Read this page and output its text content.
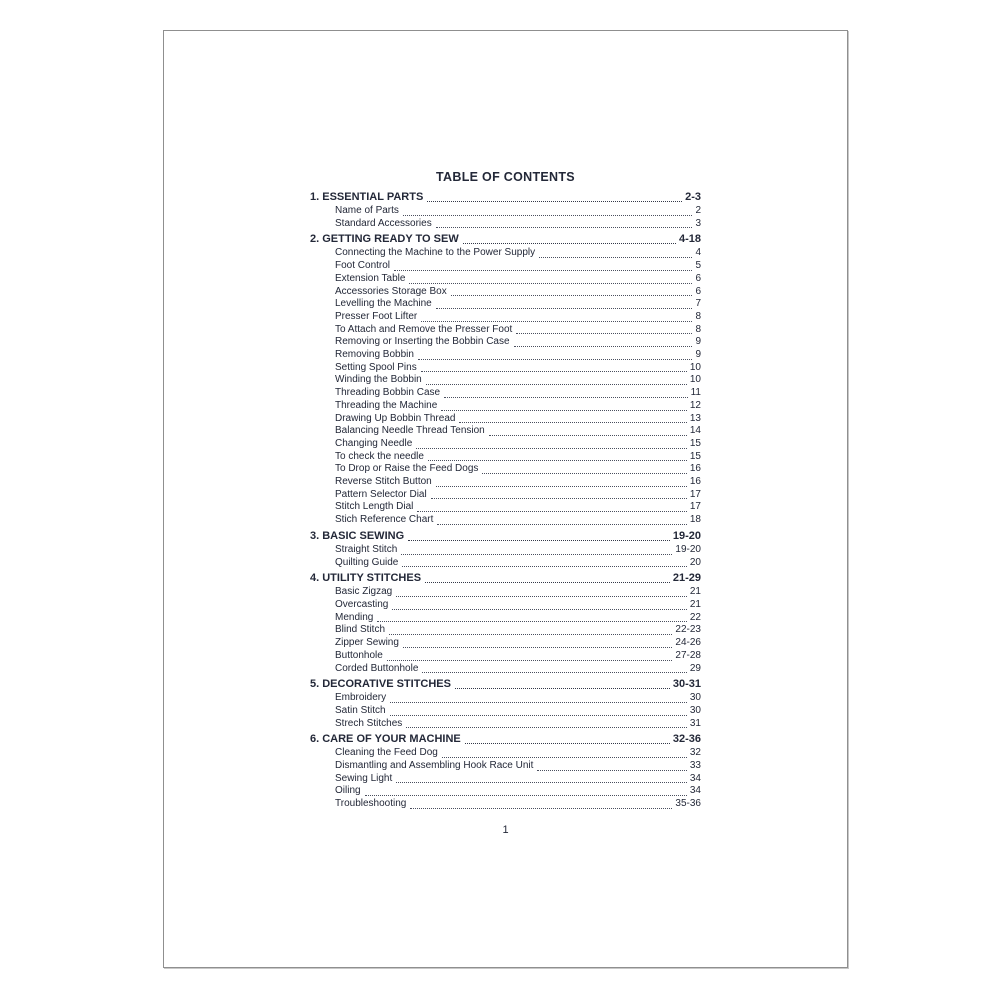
TABLE OF CONTENTS
1. ESSENTIAL PARTS	2-3
Name of Parts	2
Standard Accessories	3
2. GETTING READY TO SEW	4-18
Connecting the Machine to the Power Supply	4
Foot Control	5
Extension Table	6
Accessories Storage Box	6
Levelling the Machine	7
Presser Foot Lifter	8
To Attach and Remove the Presser Foot	8
Removing or Inserting the Bobbin Case	9
Removing Bobbin	9
Setting Spool Pins	10
Winding the Bobbin	10
Threading Bobbin Case	11
Threading the Machine	12
Drawing Up Bobbin Thread	13
Balancing Needle Thread Tension	14
Changing Needle	15
To check the needle	15
To Drop or Raise the Feed Dogs	16
Reverse Stitch Button	16
Pattern Selector Dial	17
Stitch Length Dial	17
Stich Reference Chart	18
3. BASIC SEWING	19-20
Straight Stitch	19-20
Quilting Guide	20
4. UTILITY STITCHES	21-29
Basic Zigzag	21
Overcasting	21
Mending	22
Blind Stitch	22-23
Zipper Sewing	24-26
Buttonhole	27-28
Corded Buttonhole	29
5. DECORATIVE STITCHES	30-31
Embroidery	30
Satin Stitch	30
Strech Stitches	31
6. CARE OF YOUR MACHINE	32-36
Cleaning the Feed Dog	32
Dismantling and Assembling Hook Race Unit	33
Sewing Light	34
Oiling	34
Troubleshooting	35-36
1
